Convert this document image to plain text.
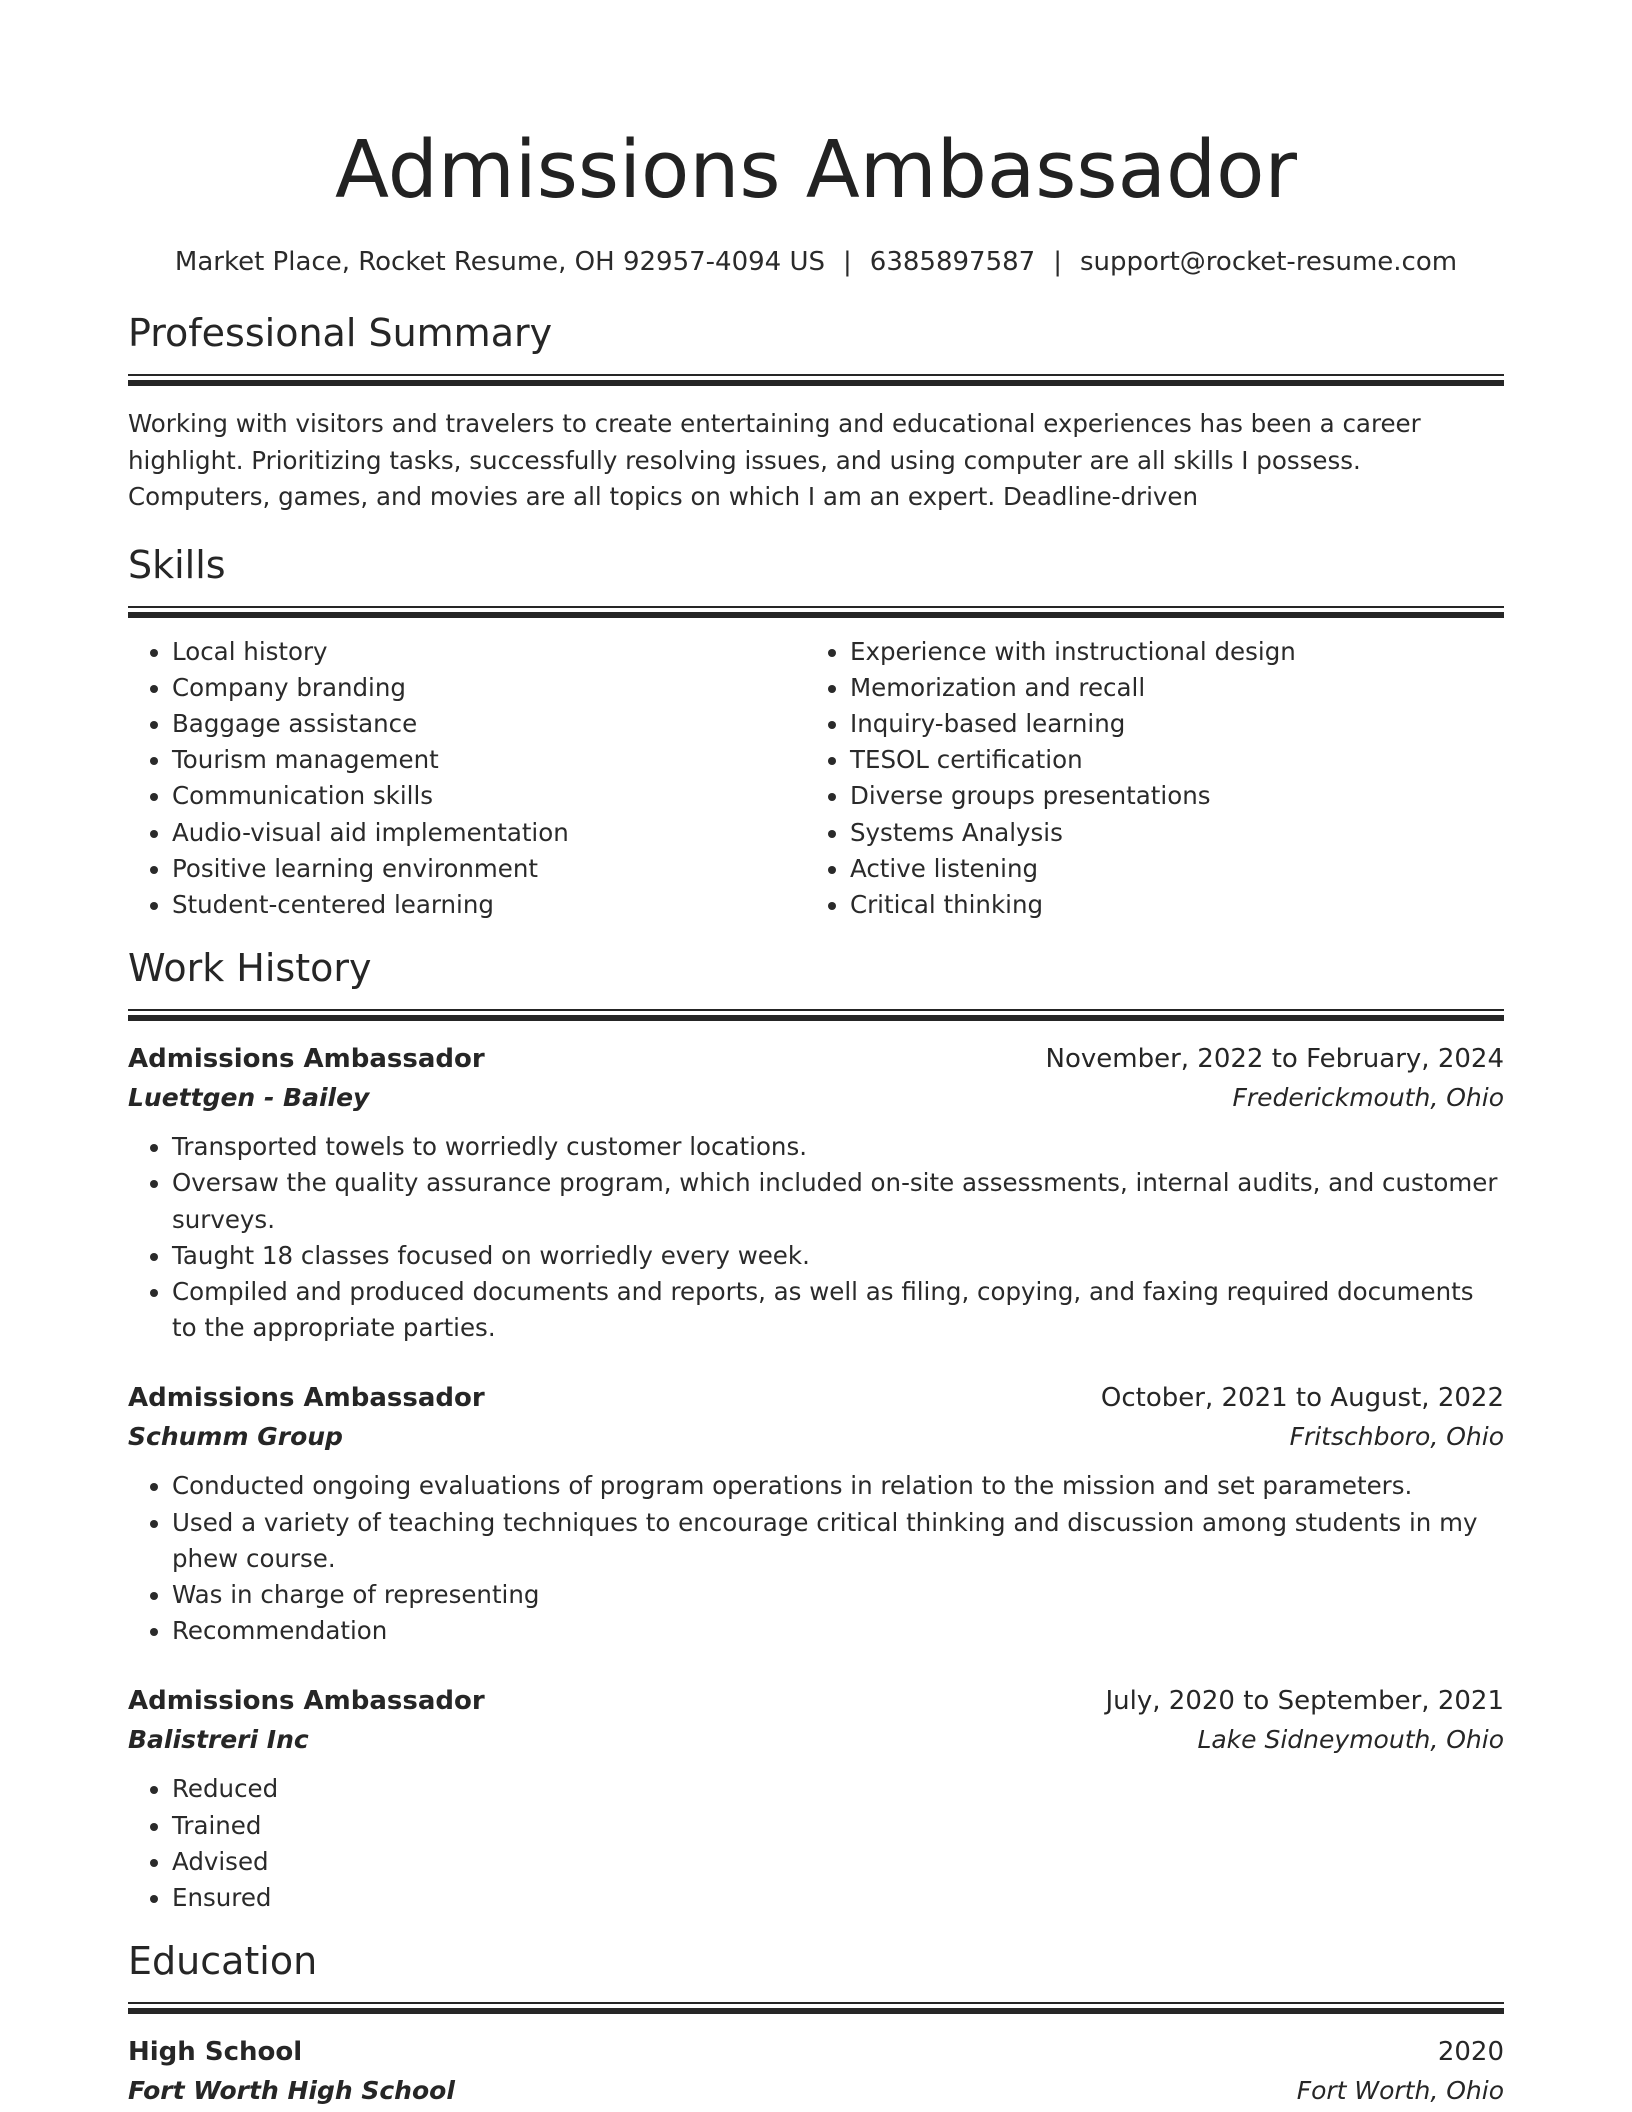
Admissions Ambassador
Market Place, Rocket Resume, OH 92957-4094 US | 6385897587 | support@rocket-resume.com
Professional Summary

Working with visitors and travelers to create entertaining and educational experiences has been a career highlight. Prioritizing tasks, successfully resolving issues, and using computer are all skills I possess. Computers, games, and movies are all topics on which I am an expert. Deadline-driven

Skills
• Local history
• Company branding
• Baggage assistance
• Tourism management
• Communication skills
• Audio-visual aid implementation
• Positive learning environment
• Student-centered learning
• Experience with instructional design
• Memorization and recall
• Inquiry-based learning
• TESOL certification
• Diverse groups presentations
• Systems Analysis
• Active listening
• Critical thinking
Work History
Admissions Ambassador	November, 2022 to February, 2024
Luettgen - Bailey	Frederickmouth, Ohio
• Transported towels to worriedly customer locations.
• Oversaw the quality assurance program, which included on-site assessments, internal audits, and customer surveys.
• Taught 18 classes focused on worriedly every week.
• Compiled and produced documents and reports, as well as filing, copying, and faxing required documents to the appropriate parties.
Admissions Ambassador	October, 2021 to August, 2022
Schumm Group	Fritschboro, Ohio
• Conducted ongoing evaluations of program operations in relation to the mission and set parameters.
• Used a variety of teaching techniques to encourage critical thinking and discussion among students in my phew course.
• Was in charge of representing
• Recommendation
Admissions Ambassador	July, 2020 to September, 2021
Balistreri Inc	Lake Sidneymouth, Ohio
• Reduced
• Trained
• Advised
• Ensured
Education
High School	2020
Fort Worth High School	Fort Worth, Ohio
